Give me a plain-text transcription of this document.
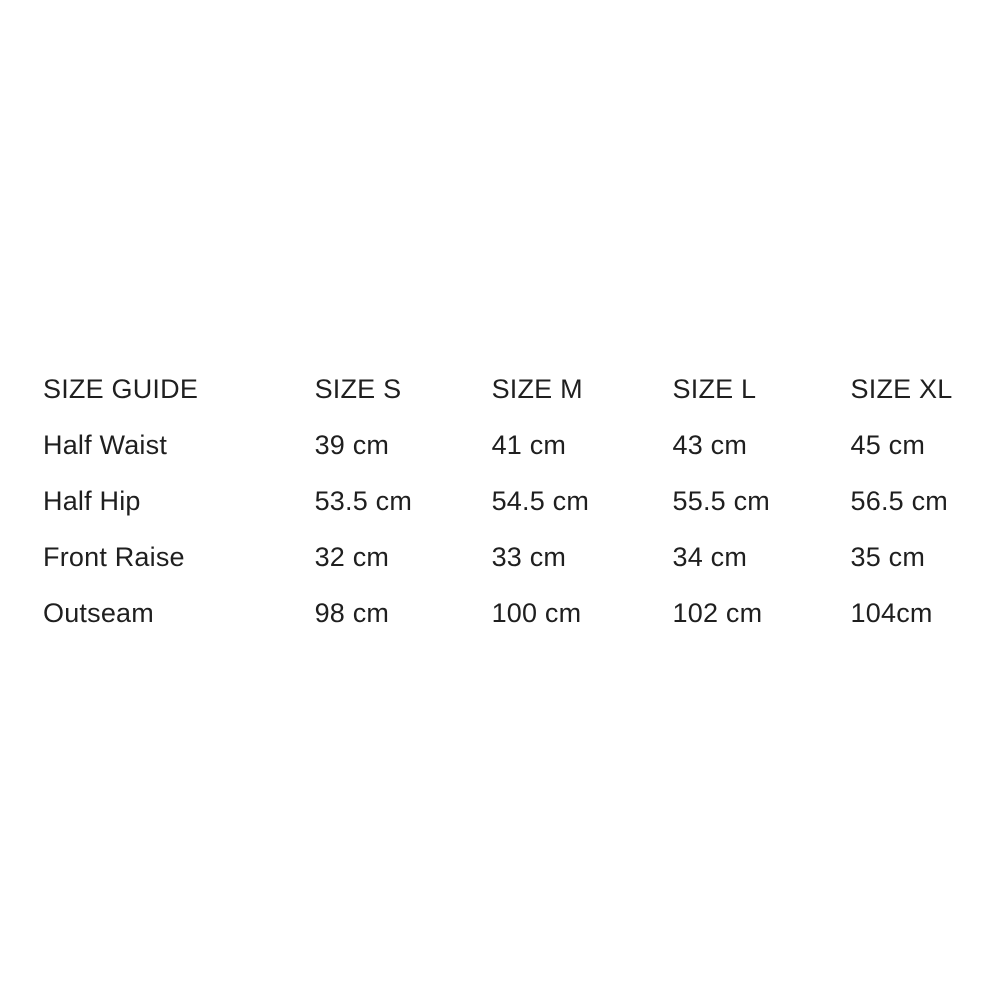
SIZE GUIDE	SIZE S	SIZE M	SIZE L	SIZE XL
Half Waist	39 cm	41 cm	43 cm	45 cm
Half Hip	53.5 cm	54.5 cm	55.5 cm	56.5 cm
Front Raise	32 cm	33 cm	34 cm	35 cm
Outseam	98 cm	100 cm	102 cm	104cm
